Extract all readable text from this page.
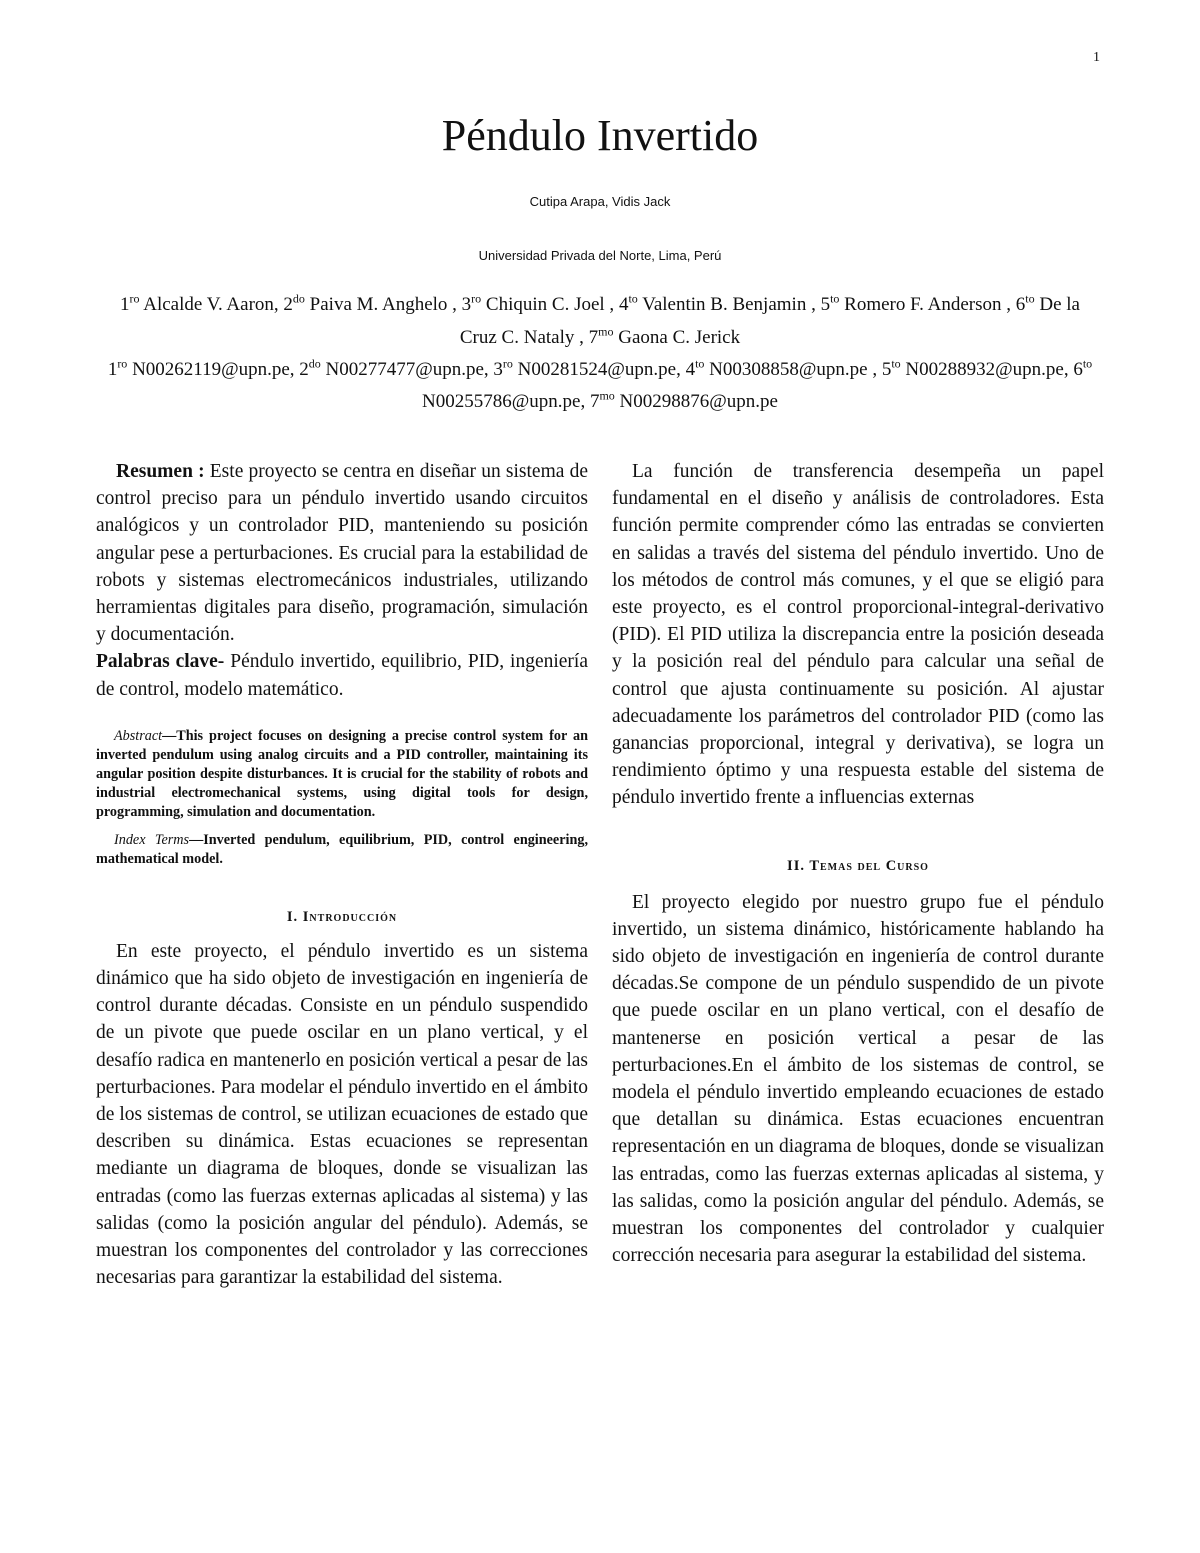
1
Péndulo Invertido
Cutipa Arapa, Vidis Jack
Universidad Privada del Norte, Lima, Perú
$1^{ro}$ Alcalde V. Aaron, $2^{do}$ Paiva M. Anghelo , $3^{ro}$ Chiquin C. Joel , $4^{to}$ Valentin B. Benjamin , $5^{to}$ Romero F. Anderson , $6^{to}$ De la Cruz C. Nataly , $7^{mo}$ Gaona C. Jerick
$1^{ro}$ N00262119@upn.pe, $2^{do}$ N00277477@upn.pe, $3^{ro}$ N00281524@upn.pe, $4^{to}$ N00308858@upn.pe , $5^{to}$ N00288932@upn.pe, $6^{to}$ N00255786@upn.pe, $7^{mo}$ N00298876@upn.pe

Resumen : Este proyecto se centra en diseñar un sistema de control preciso para un péndulo invertido usando circuitos analógicos y un controlador PID, manteniendo su posición angular pese a perturbaciones. Es crucial para la estabilidad de robots y sistemas electromecánicos industriales, utilizando herramientas digitales para diseño, programación, simulación y documentación.

Palabras clave- Péndulo invertido, equilibrio, PID, ingeniería de control, modelo matemático.

Abstract—This project focuses on designing a precise control system for an inverted pendulum using analog circuits and a PID controller, maintaining its angular position despite disturbances. It is crucial for the stability of robots and industrial electromechanical systems, using digital tools for design, programming, simulation and documentation.

Index Terms—Inverted pendulum, equilibrium, PID, control engineering, mathematical model.

I. Introducción

En este proyecto, el péndulo invertido es un sistema dinámico que ha sido objeto de investigación en ingeniería de control durante décadas. Consiste en un péndulo suspendido de un pivote que puede oscilar en un plano vertical, y el desafío radica en mantenerlo en posición vertical a pesar de las perturbaciones. Para modelar el péndulo invertido en el ámbito de los sistemas de control, se utilizan ecuaciones de estado que describen su dinámica. Estas ecuaciones se representan mediante un diagrama de bloques, donde se visualizan las entradas (como las fuerzas externas aplicadas al sistema) y las salidas (como la posición angular del péndulo). Además, se muestran los componentes del controlador y las correcciones necesarias para garantizar la estabilidad del sistema.

La función de transferencia desempeña un papel fundamental en el diseño y análisis de controladores. Esta función permite comprender cómo las entradas se convierten en salidas a través del sistema del péndulo invertido. Uno de los métodos de control más comunes, y el que se eligió para este proyecto, es el control proporcional-integral-derivativo (PID). El PID utiliza la discrepancia entre la posición deseada y la posición real del péndulo para calcular una señal de control que ajusta continuamente su posición. Al ajustar adecuadamente los parámetros del controlador PID (como las ganancias proporcional, integral y derivativa), se logra un rendimiento óptimo y una respuesta estable del sistema de péndulo invertido frente a influencias externas

II. Temas del Curso

El proyecto elegido por nuestro grupo fue el péndulo invertido, un sistema dinámico, históricamente hablando ha sido objeto de investigación en ingeniería de control durante décadas.Se compone de un péndulo suspendido de un pivote que puede oscilar en un plano vertical, con el desafío de mantenerse en posición vertical a pesar de las perturbaciones.En el ámbito de los sistemas de control, se modela el péndulo invertido empleando ecuaciones de estado que detallan su dinámica. Estas ecuaciones encuentran representación en un diagrama de bloques, donde se visualizan las entradas, como las fuerzas externas aplicadas al sistema, y las salidas, como la posición angular del péndulo. Además, se muestran los componentes del controlador y cualquier corrección necesaria para asegurar la estabilidad del sistema.
